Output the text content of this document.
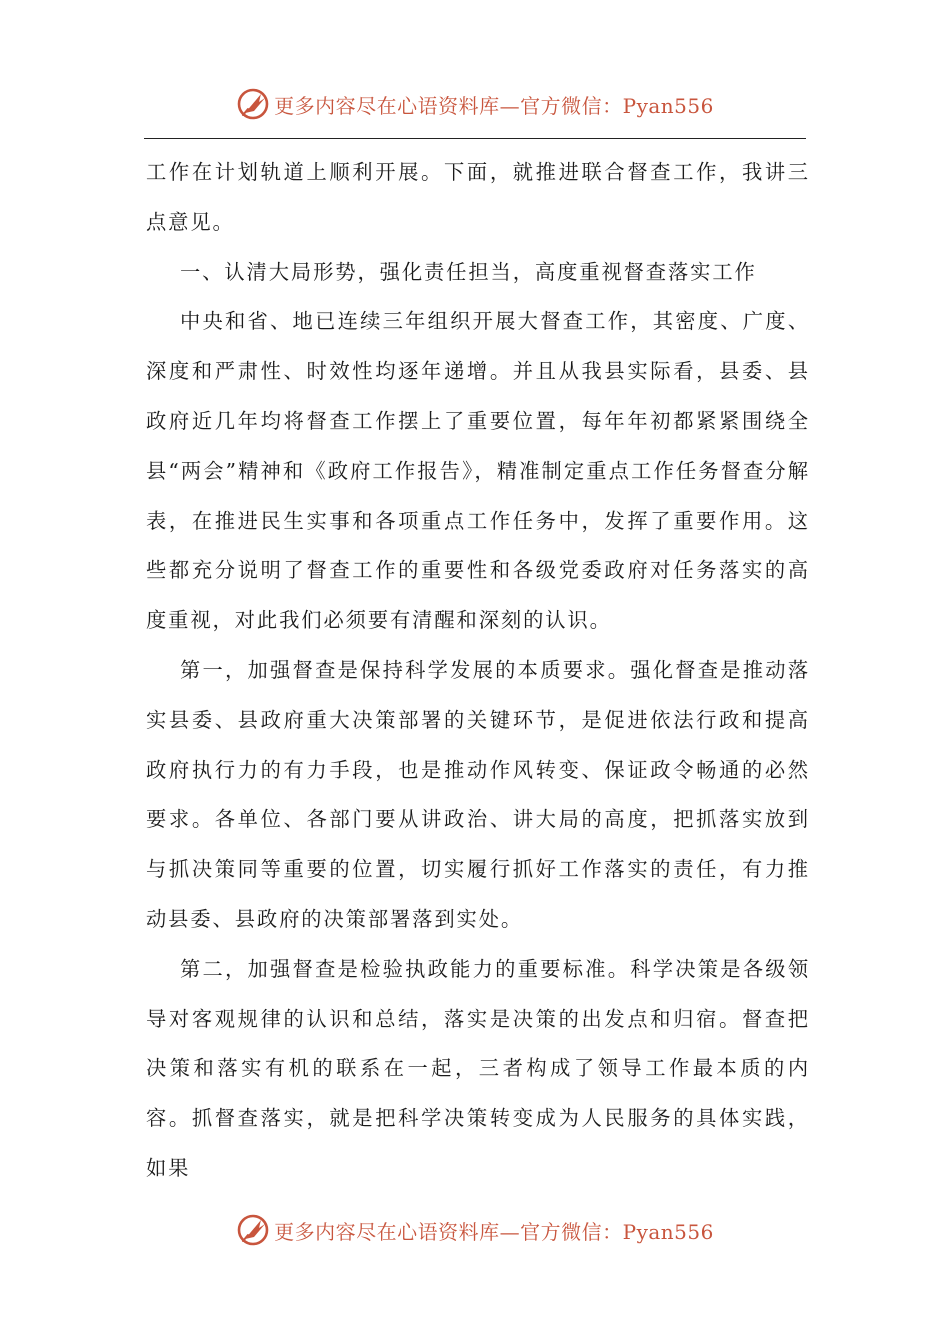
更多内容尽在心语资料库—官方微信：Pyan556

工作在计划轨道上顺利开展。下面，就推进联合督查工作，我讲三点意见。

一、认清大局形势，强化责任担当，高度重视督查落实工作

中央和省、地已连续三年组织开展大督查工作，其密度、广度、深度和严肃性、时效性均逐年递增。并且从我县实际看，县委、县政府近几年均将督查工作摆上了重要位置，每年年初都紧紧围绕全县“两会”精神和《政府工作报告》，精准制定重点工作任务督查分解表，在推进民生实事和各项重点工作任务中，发挥了重要作用。这些都充分说明了督查工作的重要性和各级党委政府对任务落实的高度重视，对此我们必须要有清醒和深刻的认识。

第一，加强督查是保持科学发展的本质要求。强化督查是推动落实县委、县政府重大决策部署的关键环节，是促进依法行政和提高政府执行力的有力手段，也是推动作风转变、保证政令畅通的必然要求。各单位、各部门要从讲政治、讲大局的高度，把抓落实放到与抓决策同等重要的位置，切实履行抓好工作落实的责任，有力推动县委、县政府的决策部署落到实处。

第二，加强督查是检验执政能力的重要标准。科学决策是各级领导对客观规律的认识和总结，落实是决策的出发点和归宿。督查把决策和落实有机的联系在一起，三者构成了领导工作最本质的内容。抓督查落实，就是把科学决策转变成为人民服务的具体实践，如果

更多内容尽在心语资料库—官方微信：Pyan556
